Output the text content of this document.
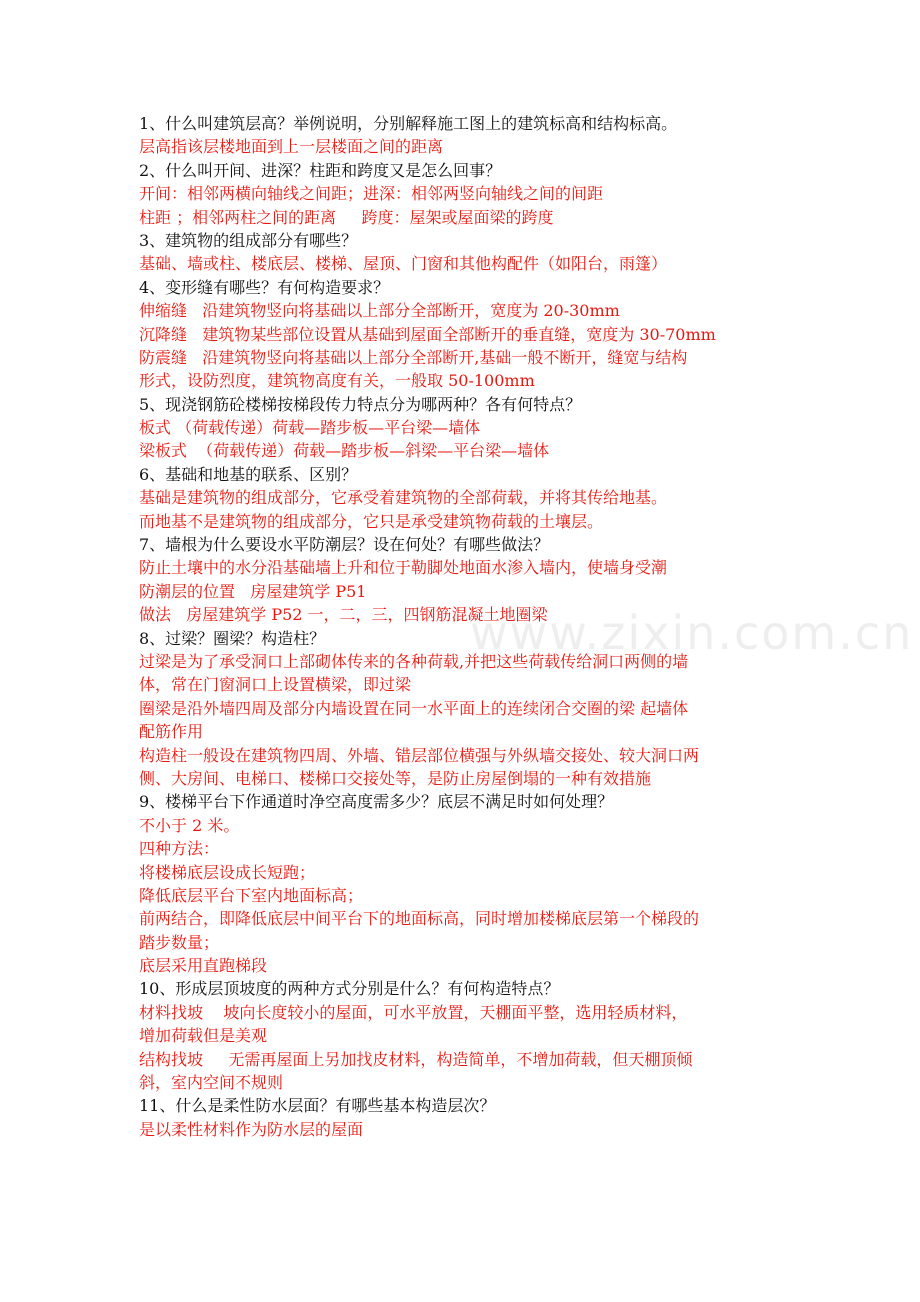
www.zixin.com.cn
1、什么叫建筑层高？举例说明，分别解释施工图上的建筑标高和结构标高。
层高指该层楼地面到上一层楼面之间的距离
2、什么叫开间、进深？柱距和跨度又是怎么回事？
开间：相邻两横向轴线之间距；进深：相邻两竖向轴线之间的间距
柱距 ；相邻两柱之间的距离     跨度：屋架或屋面梁的跨度
3、建筑物的组成部分有哪些？
基础、墙或柱、楼底层、楼梯、屋顶、门窗和其他构配件（如阳台，雨篷）
4、变形缝有哪些？有何构造要求？
伸缩缝   沿建筑物竖向将基础以上部分全部断开，宽度为 20-30mm
沉降缝   建筑物某些部位设置从基础到屋面全部断开的垂直缝，宽度为 30-70mm
防震缝   沿建筑物竖向将基础以上部分全部断开,基础一般不断开，缝宽与结构
形式，设防烈度，建筑物高度有关，一般取 50-100mm
5、现浇钢筋砼楼梯按梯段传力特点分为哪两种？各有何特点？
板式 （荷载传递）荷载—踏步板—平台梁—墙体
梁板式  （荷载传递）荷载—踏步板—斜梁—平台梁—墙体
6、基础和地基的联系、区别？
基础是建筑物的组成部分，它承受着建筑物的全部荷载，并将其传给地基。
而地基不是建筑物的组成部分，它只是承受建筑物荷载的土壤层。
7、墙根为什么要设水平防潮层？设在何处？有哪些做法？
防止土壤中的水分沿基础墙上升和位于勒脚处地面水渗入墙内，使墙身受潮
防潮层的位置   房屋建筑学 P51
做法   房屋建筑学 P52 一，二，三，四钢筋混凝土地圈梁
8、过梁？圈梁？构造柱？
过梁是为了承受洞口上部砌体传来的各种荷载,并把这些荷载传给洞口两侧的墙
体，常在门窗洞口上设置横梁，即过梁
圈梁是沿外墙四周及部分内墙设置在同一水平面上的连续闭合交圈的梁 起墙体
配筋作用
构造柱一般设在建筑物四周、外墙、错层部位横强与外纵墙交接处、较大洞口两
侧、大房间、电梯口、楼梯口交接处等，是防止房屋倒塌的一种有效措施
9、楼梯平台下作通道时净空高度需多少？底层不满足时如何处理？
不小于 2 米。
四种方法：
将楼梯底层设成长短跑；
降低底层平台下室内地面标高；
前两结合，即降低底层中间平台下的地面标高，同时增加楼梯底层第一个梯段的
踏步数量；
底层采用直跑梯段
10、形成层顶坡度的两种方式分别是什么？有何构造特点？
材料找坡    坡向长度较小的屋面，可水平放置，天棚面平整，选用轻质材料，
增加荷载但是美观
结构找坡     无需再屋面上另加找皮材料，构造简单，不增加荷载，但天棚顶倾
斜，室内空间不规则
11、什么是柔性防水层面？有哪些基本构造层次？
是以柔性材料作为防水层的屋面
